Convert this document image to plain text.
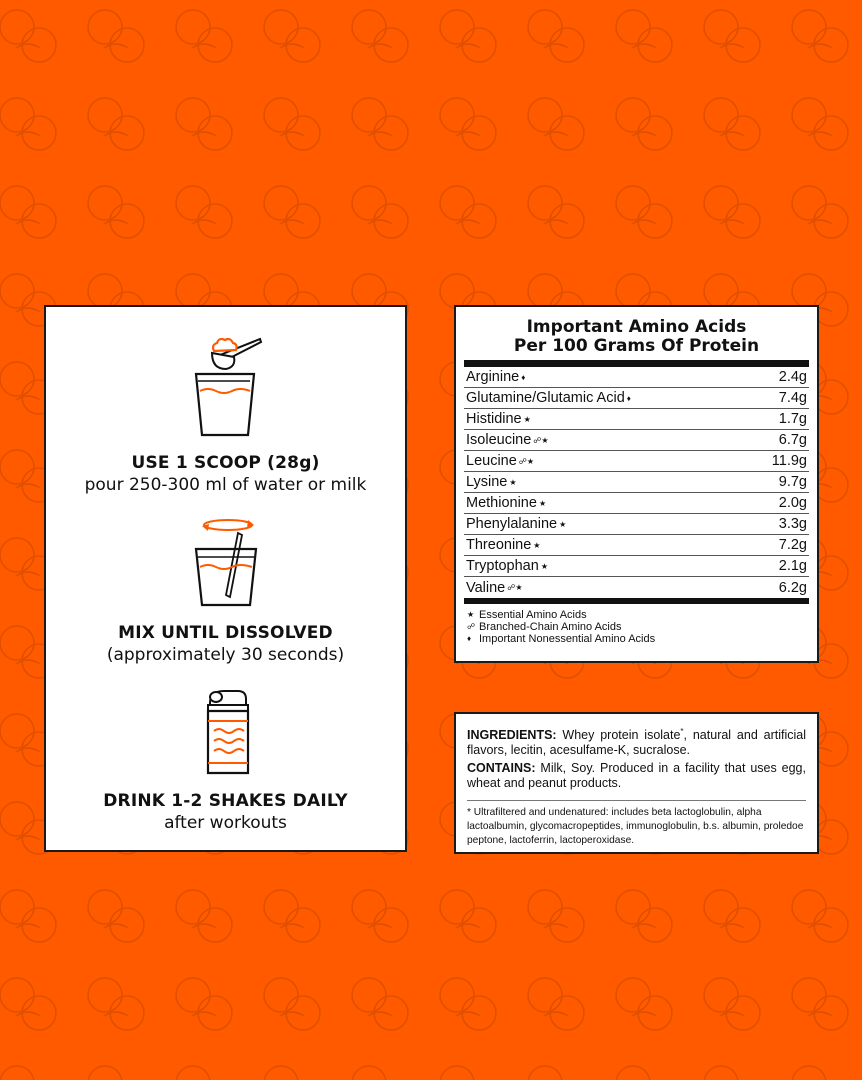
USE 1 SCOOP (28g)
pour 250-300 ml of water or milk
MIX UNTIL DISSOLVED
(approximately 30 seconds)
DRINK 1-2 SHAKES DAILY
after workouts
Important Amino Acids
Per 100 Grams Of Protein
Arginine ♦	2.4g
Glutamine/Glutamic Acid ♦	7.4g
Histidine ★	1.7g
Isoleucine ☍★	6.7g
Leucine ☍★	11.9g
Lysine ★	9.7g
Methionine ★	2.0g
Phenylalanine ★	3.3g
Threonine ★	7.2g
Tryptophan ★	2.1g
Valine ☍★	6.2g
★ Essential Amino Acids
☍ Branched-Chain Amino Acids
♦ Important Nonessential Amino Acids

INGREDIENTS: Whey protein isolate*, natural and artificial flavors, lecitin, acesulfame-K, sucralose.

CONTAINS: Milk, Soy. Produced in a facility that uses egg, wheat and peanut products.

* Ultrafiltered and undenatured: includes beta lactoglobulin, alpha lactoalbumin, glycomacropeptides, immunoglobulin, b.s. albumin, proledoe peptone, lactoferrin, lactoperoxidase.
